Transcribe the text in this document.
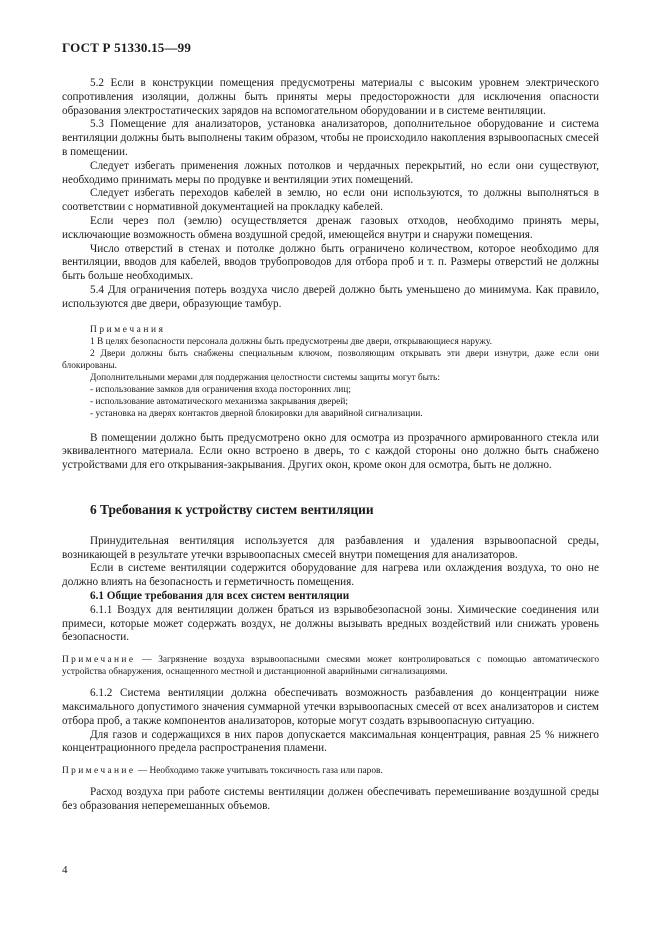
ГОСТ Р 51330.15—99

5.2 Если в конструкции помещения предусмотрены материалы с высоким уровнем электрического сопротивления изоляции, должны быть приняты меры предосторожности для исключения опасности образования электростатических зарядов на вспомогательном оборудовании и в системе вентиляции.

5.3 Помещение для анализаторов, установка анализаторов, дополнительное оборудование и система вентиляции должны быть выполнены таким образом, чтобы не происходило накопления взрывоопасных смесей в помещении.

Следует избегать применения ложных потолков и чердачных перекрытий, но если они существуют, необходимо принимать меры по продувке и вентиляции этих помещений.

Следует избегать переходов кабелей в землю, но если они используются, то должны выполняться в соответствии с нормативной документацией на прокладку кабелей.

Если через пол (землю) осуществляется дренаж газовых отходов, необходимо принять меры, исключающие возможность обмена воздушной средой, имеющейся внутри и снаружи помещения.

Число отверстий в стенах и потолке должно быть ограничено количеством, которое необходимо для вентиляции, вводов для кабелей, вводов трубопроводов для отбора проб и т. п. Размеры отверстий не должны быть больше необходимых.

5.4 Для ограничения потерь воздуха число дверей должно быть уменьшено до минимума. Как правило, используются две двери, образующие тамбур.

Примечания

1 В целях безопасности персонала должны быть предусмотрены две двери, открывающиеся наружу.

2 Двери должны быть снабжены специальным ключом, позволяющим открывать эти двери изнутри, даже если они блокированы.

Дополнительными мерами для поддержания целостности системы защиты могут быть:

- использование замков для ограничения входа посторонних лиц;

- использование автоматического механизма закрывания дверей;

- установка на дверях контактов дверной блокировки для аварийной сигнализации.

В помещении должно быть предусмотрено окно для осмотра из прозрачного армированного стекла или эквивалентного материала. Если окно встроено в дверь, то с каждой стороны оно должно быть снабжено устройствами для его открывания-закрывания. Других окон, кроме окон для осмотра, быть не должно.

6 Требования к устройству систем вентиляции

Принудительная вентиляция используется для разбавления и удаления взрывоопасной среды, возникающей в результате утечки взрывоопасных смесей внутри помещения для анализаторов.

Если в системе вентиляции содержится оборудование для нагрева или охлаждения воздуха, то оно не должно влиять на безопасность и герметичность помещения.

6.1 Общие требования для всех систем вентиляции

6.1.1 Воздух для вентиляции должен браться из взрывобезопасной зоны. Химические соединения или примеси, которые может содержать воздух, не должны вызывать вредных воздействий или снижать уровень безопасности.

Примечание — Загрязнение воздуха взрывоопасными смесями может контролироваться с помощью автоматического устройства обнаружения, оснащенного местной и дистанционной аварийными сигнализациями.

6.1.2 Система вентиляции должна обеспечивать возможность разбавления до концентрации ниже максимального допустимого значения суммарной утечки взрывоопасных смесей от всех анализаторов и систем отбора проб, а также компонентов анализаторов, которые могут создать взрывоопасную ситуацию.

Для газов и содержащихся в них паров допускается максимальная концентрация, равная 25 % нижнего концентрационного предела распространения пламени.

Примечание — Необходимо также учитывать токсичность газа или паров.

Расход воздуха при работе системы вентиляции должен обеспечивать перемешивание воздушной среды без образования неперемешанных объемов.

4
